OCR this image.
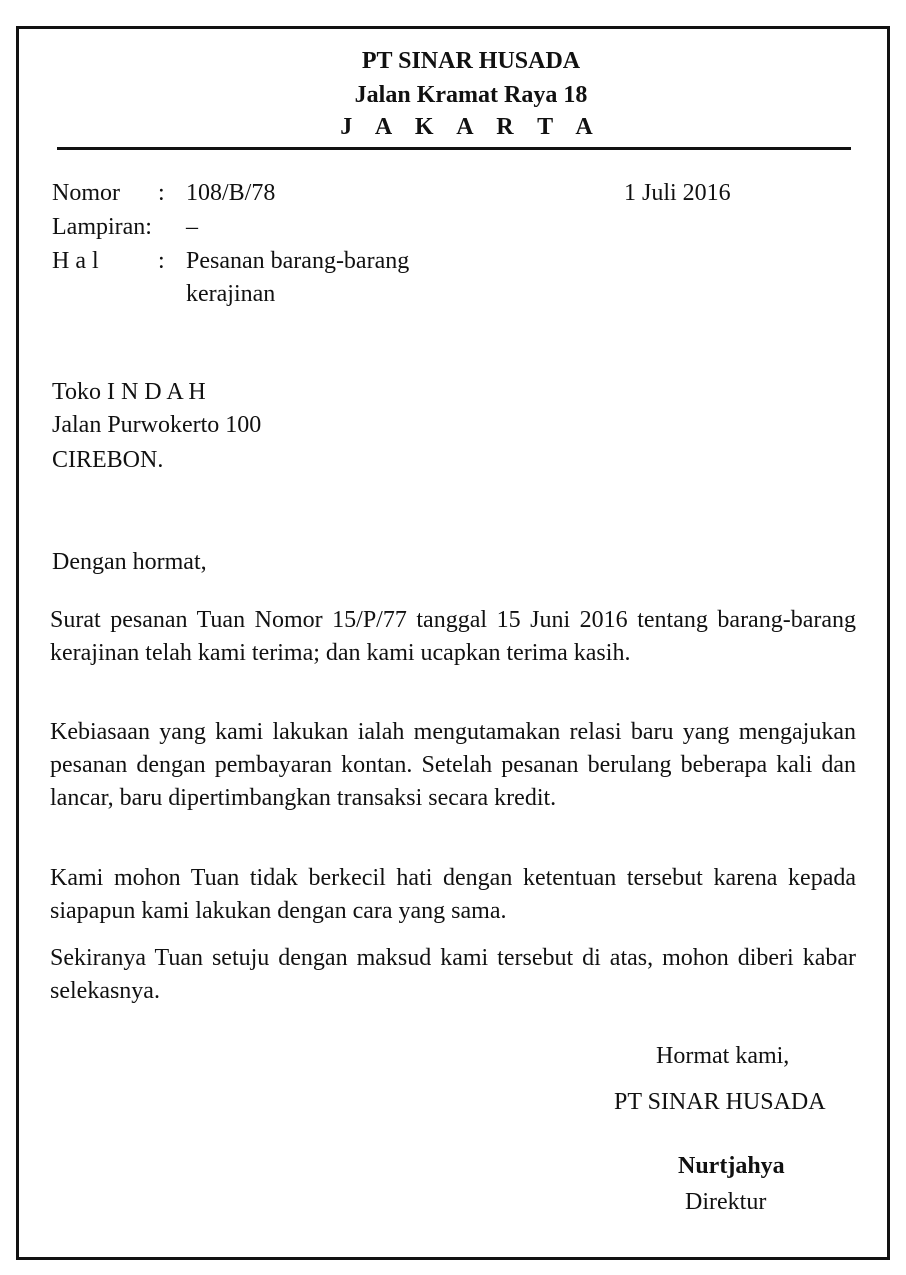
PT SINAR HUSADA
Jalan Kramat Raya 18
J A K A R T A
Nomor : 108/B/78
Lampiran: –
H a l : Pesanan barang-barang
kerajinan
1 Juli 2016
Toko I N D A H
Jalan Purwokerto 100
CIREBON.
Dengan hormat,
Surat pesanan Tuan Nomor 15/P/77 tanggal 15 Juni 2016 tentang barang-barang kerajinan telah kami terima; dan kami ucapkan terima kasih.
Kebiasaan yang kami lakukan ialah mengutamakan relasi baru yang mengajukan pesanan dengan pembayaran kontan. Setelah pesanan berulang beberapa kali dan lancar, baru dipertimbangkan transaksi secara kredit.
Kami mohon Tuan tidak berkecil hati dengan ketentuan tersebut karena kepada siapapun kami lakukan dengan cara yang sama.
Sekiranya Tuan setuju dengan maksud kami tersebut di atas, mohon diberi kabar selekasnya.
Hormat kami,
PT SINAR HUSADA
Nurtjahya
Direktur
